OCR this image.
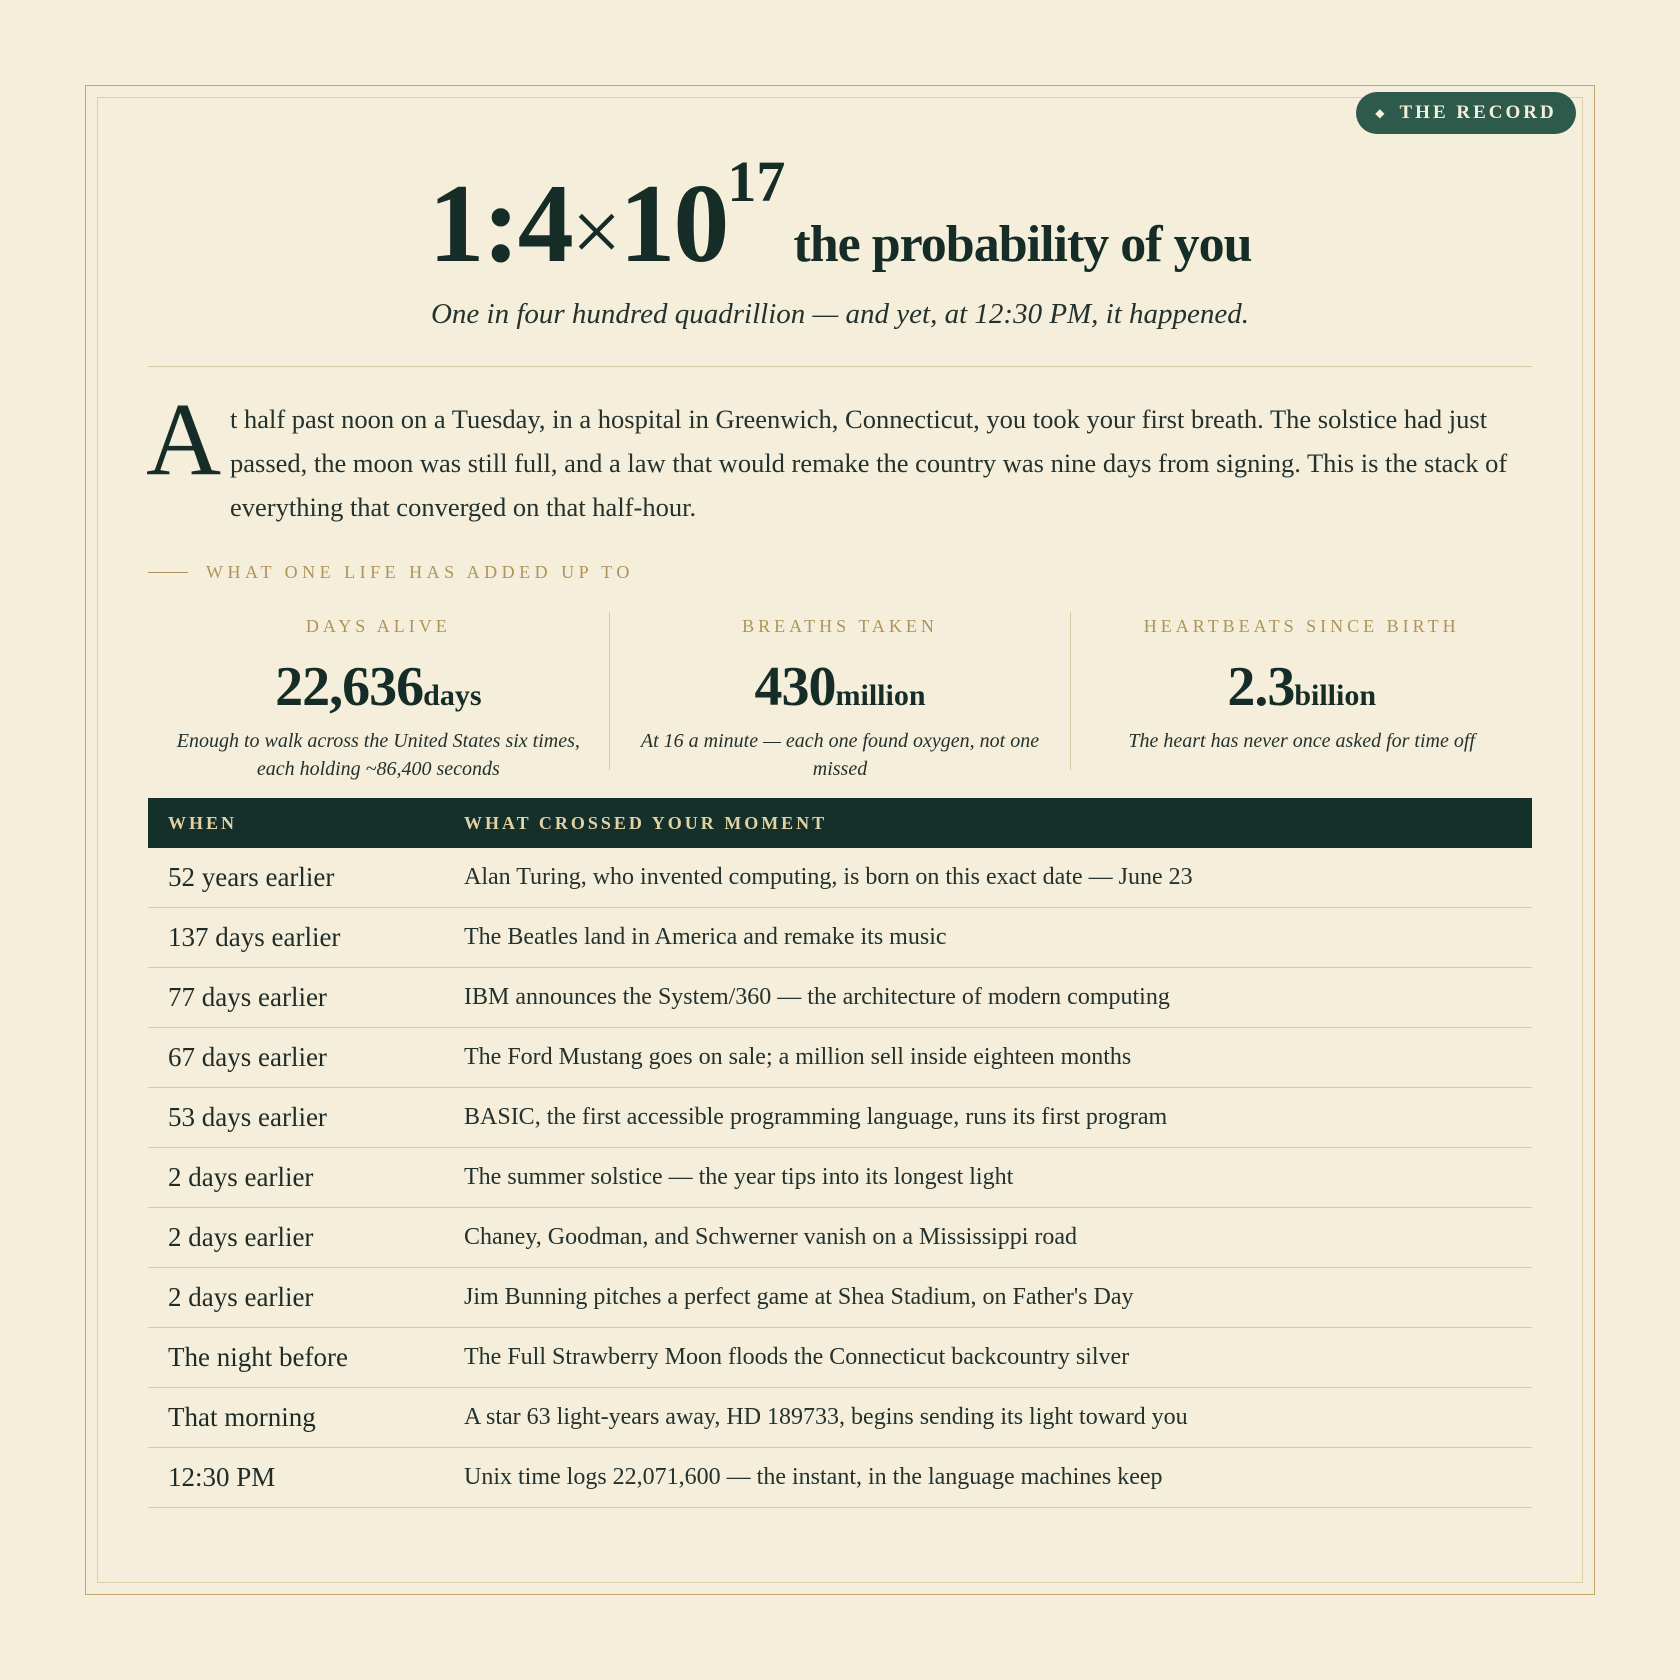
◆ THE RECORD
$1:4\times 10^{17}$ the probability of you
One in four hundred quadrillion — and yet, at 12:30 PM, it happened.
A t half past noon on a Tuesday, in a hospital in Greenwich, Connecticut, you took your first breath. The solstice had just passed, the moon was still full, and a law that would remake the country was nine days from signing. This is the stack of everything that converged on that half-hour.
WHAT ONE LIFE HAS ADDED UP TO
DAYS ALIVE
22,636days
Enough to walk across the United States six times, each holding ~86,400 seconds
BREATHS TAKEN
430million
At 16 a minute — each one found oxygen, not one missed
HEARTBEATS SINCE BIRTH
2.3billion
The heart has never once asked for time off
WHEN	WHAT CROSSED YOUR MOMENT
52 years earlier	Alan Turing, who invented computing, is born on this exact date — June 23
137 days earlier	The Beatles land in America and remake its music
77 days earlier	IBM announces the System/360 — the architecture of modern computing
67 days earlier	The Ford Mustang goes on sale; a million sell inside eighteen months
53 days earlier	BASIC, the first accessible programming language, runs its first program
2 days earlier	The summer solstice — the year tips into its longest light
2 days earlier	Chaney, Goodman, and Schwerner vanish on a Mississippi road
2 days earlier	Jim Bunning pitches a perfect game at Shea Stadium, on Father's Day
The night before	The Full Strawberry Moon floods the Connecticut backcountry silver
That morning	A star 63 light-years away, HD 189733, begins sending its light toward you
12:30 PM	Unix time logs 22,071,600 — the instant, in the language machines keep
